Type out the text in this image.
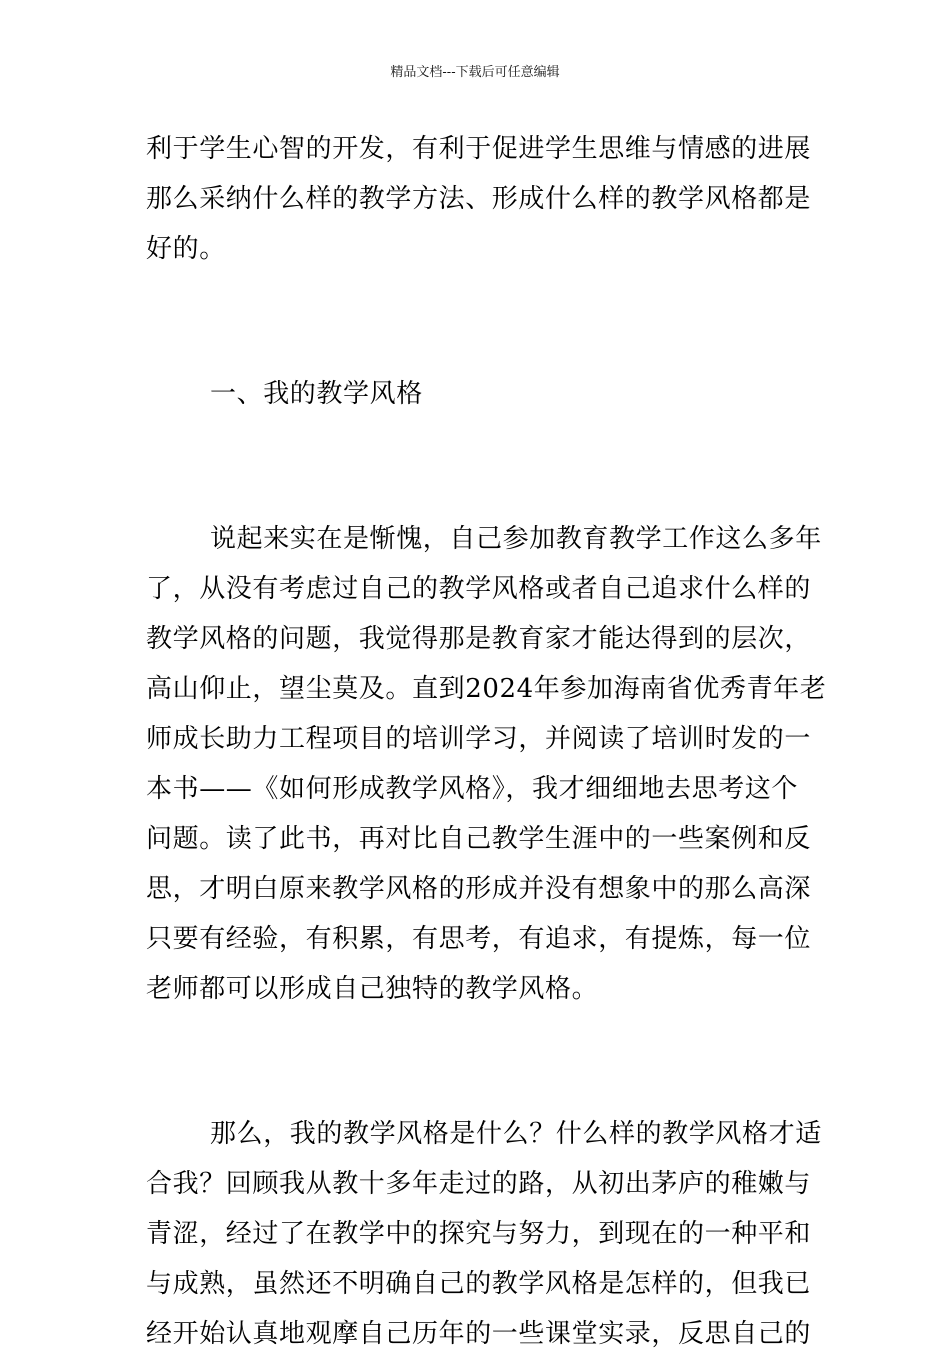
精品文档---下载后可任意编辑
利于学生心智的开发，有利于促进学生思维与情感的进展
那么采纳什么样的教学方法、形成什么样的教学风格都是
好的。
一、我的教学风格
说起来实在是惭愧，自己参加教育教学工作这么多年
了，从没有考虑过自己的教学风格或者自己追求什么样的
教学风格的问题，我觉得那是教育家才能达得到的层次，
高山仰止，望尘莫及。直到2024年参加海南省优秀青年老
师成长助力工程项目的培训学习，并阅读了培训时发的一
本书——《如何形成教学风格》，我才细细地去思考这个
问题。读了此书，再对比自己教学生涯中的一些案例和反
思，才明白原来教学风格的形成并没有想象中的那么高深
只要有经验，有积累，有思考，有追求，有提炼，每一位
老师都可以形成自己独特的教学风格。
那么，我的教学风格是什么？什么样的教学风格才适
合我？回顾我从教十多年走过的路，从初出茅庐的稚嫩与
青涩，经过了在教学中的探究与努力，到现在的一种平和
与成熟，虽然还不明确自己的教学风格是怎样的，但我已
经开始认真地观摩自己历年的一些课堂实录，反思自己的
